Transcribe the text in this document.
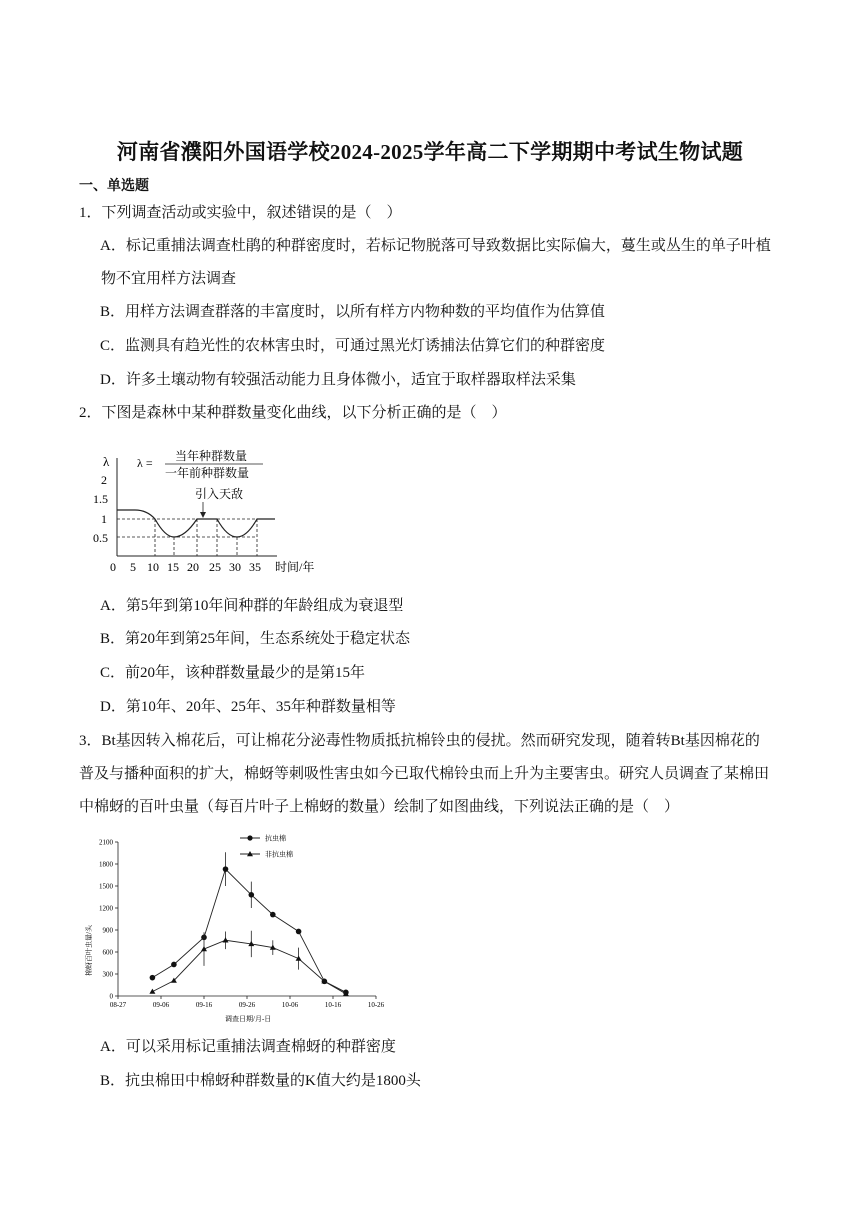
河南省濮阳外国语学校2024-2025学年高二下学期期中考试生物试题
一、单选题
1．下列调查活动或实验中，叙述错误的是（　）
A．标记重捕法调查杜鹃的种群密度时，若标记物脱落可导致数据比实际偏大，蔓生或丛生的单子叶植
物不宜用样方法调查
B．用样方法调查群落的丰富度时，以所有样方内物种数的平均值作为估算值
C．监测具有趋光性的农林害虫时，可通过黑光灯诱捕法估算它们的种群密度
D．许多土壤动物有较强活动能力且身体微小，适宜于取样器取样法采集
2．下图是森林中某种群数量变化曲线，以下分析正确的是（　）
λ λ = 当年种群数量
一年前种群数量
2
1.5
1
0.5
引入天敌
0 5 10 15 20 25 30 35 时间/年
A．第5年到第10年间种群的年龄组成为衰退型
B．第20年到第25年间，生态系统处于稳定状态
C．前20年，该种群数量最少的是第15年
D．第10年、20年、25年、35年种群数量相等
3．Bt基因转入棉花后，可让棉花分泌毒性物质抵抗棉铃虫的侵扰。然而研究发现，随着转Bt基因棉花的
普及与播种面积的扩大，棉蚜等刺吸性害虫如今已取代棉铃虫而上升为主要害虫。研究人员调查了某棉田
中棉蚜的百叶虫量（每百片叶子上棉蚜的数量）绘制了如图曲线，下列说法正确的是（　）
0
300
600
900
1200
1500
1800
2100
08-27	09-06	09-16	09-26	10-06	10-16	10-26
抗虫棉
非抗虫棉
棉蚜百叶虫量/头
调查日期/月-日
A．可以采用标记重捕法调查棉蚜的种群密度
B．抗虫棉田中棉蚜种群数量的K值大约是1800头
